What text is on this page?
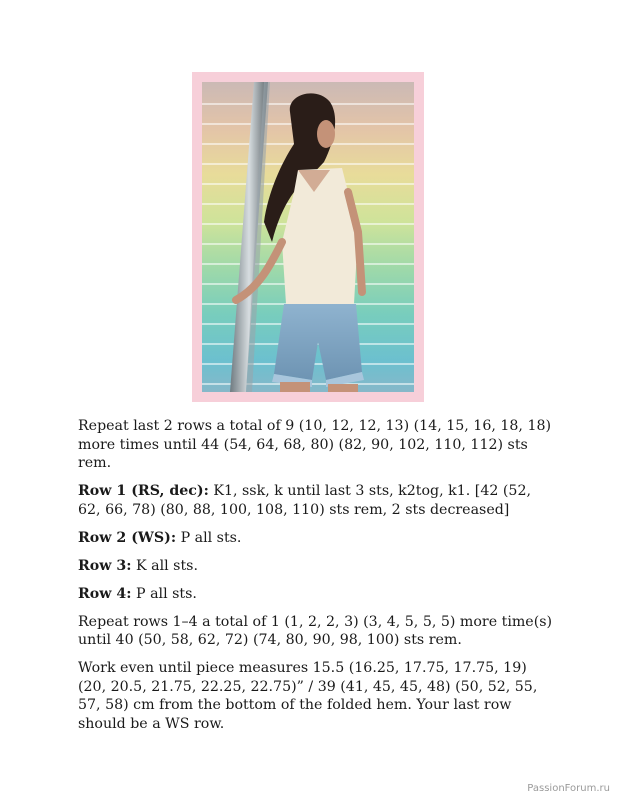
Repeat last 2 rows a total of 9 (10, 12, 12, 13) (14, 15, 16, 18, 18) more times until 44 (54, 64, 68, 80) (82, 90, 102, 110, 112) sts rem.

Row 1 (RS, dec): K1, ssk, k until last 3 sts, k2tog, k1. [42 (52, 62, 66, 78) (80, 88, 100, 108, 110) sts rem, 2 sts decreased]

Row 2 (WS): P all sts.

Row 3: K all sts.

Row 4: P all sts.

Repeat rows 1–4 a total of 1 (1, 2, 2, 3) (3, 4, 5, 5, 5) more time(s) until 40 (50, 58, 62, 72) (74, 80, 90, 98, 100) sts rem.

Work even until piece measures 15.5 (16.25, 17.75, 17.75, 19) (20, 20.5, 21.75, 22.25, 22.75)” / 39 (41, 45, 45, 48) (50, 52, 55, 57, 58) cm from the bottom of the folded hem. Your last row should be a WS row.

PassionForum.ru
